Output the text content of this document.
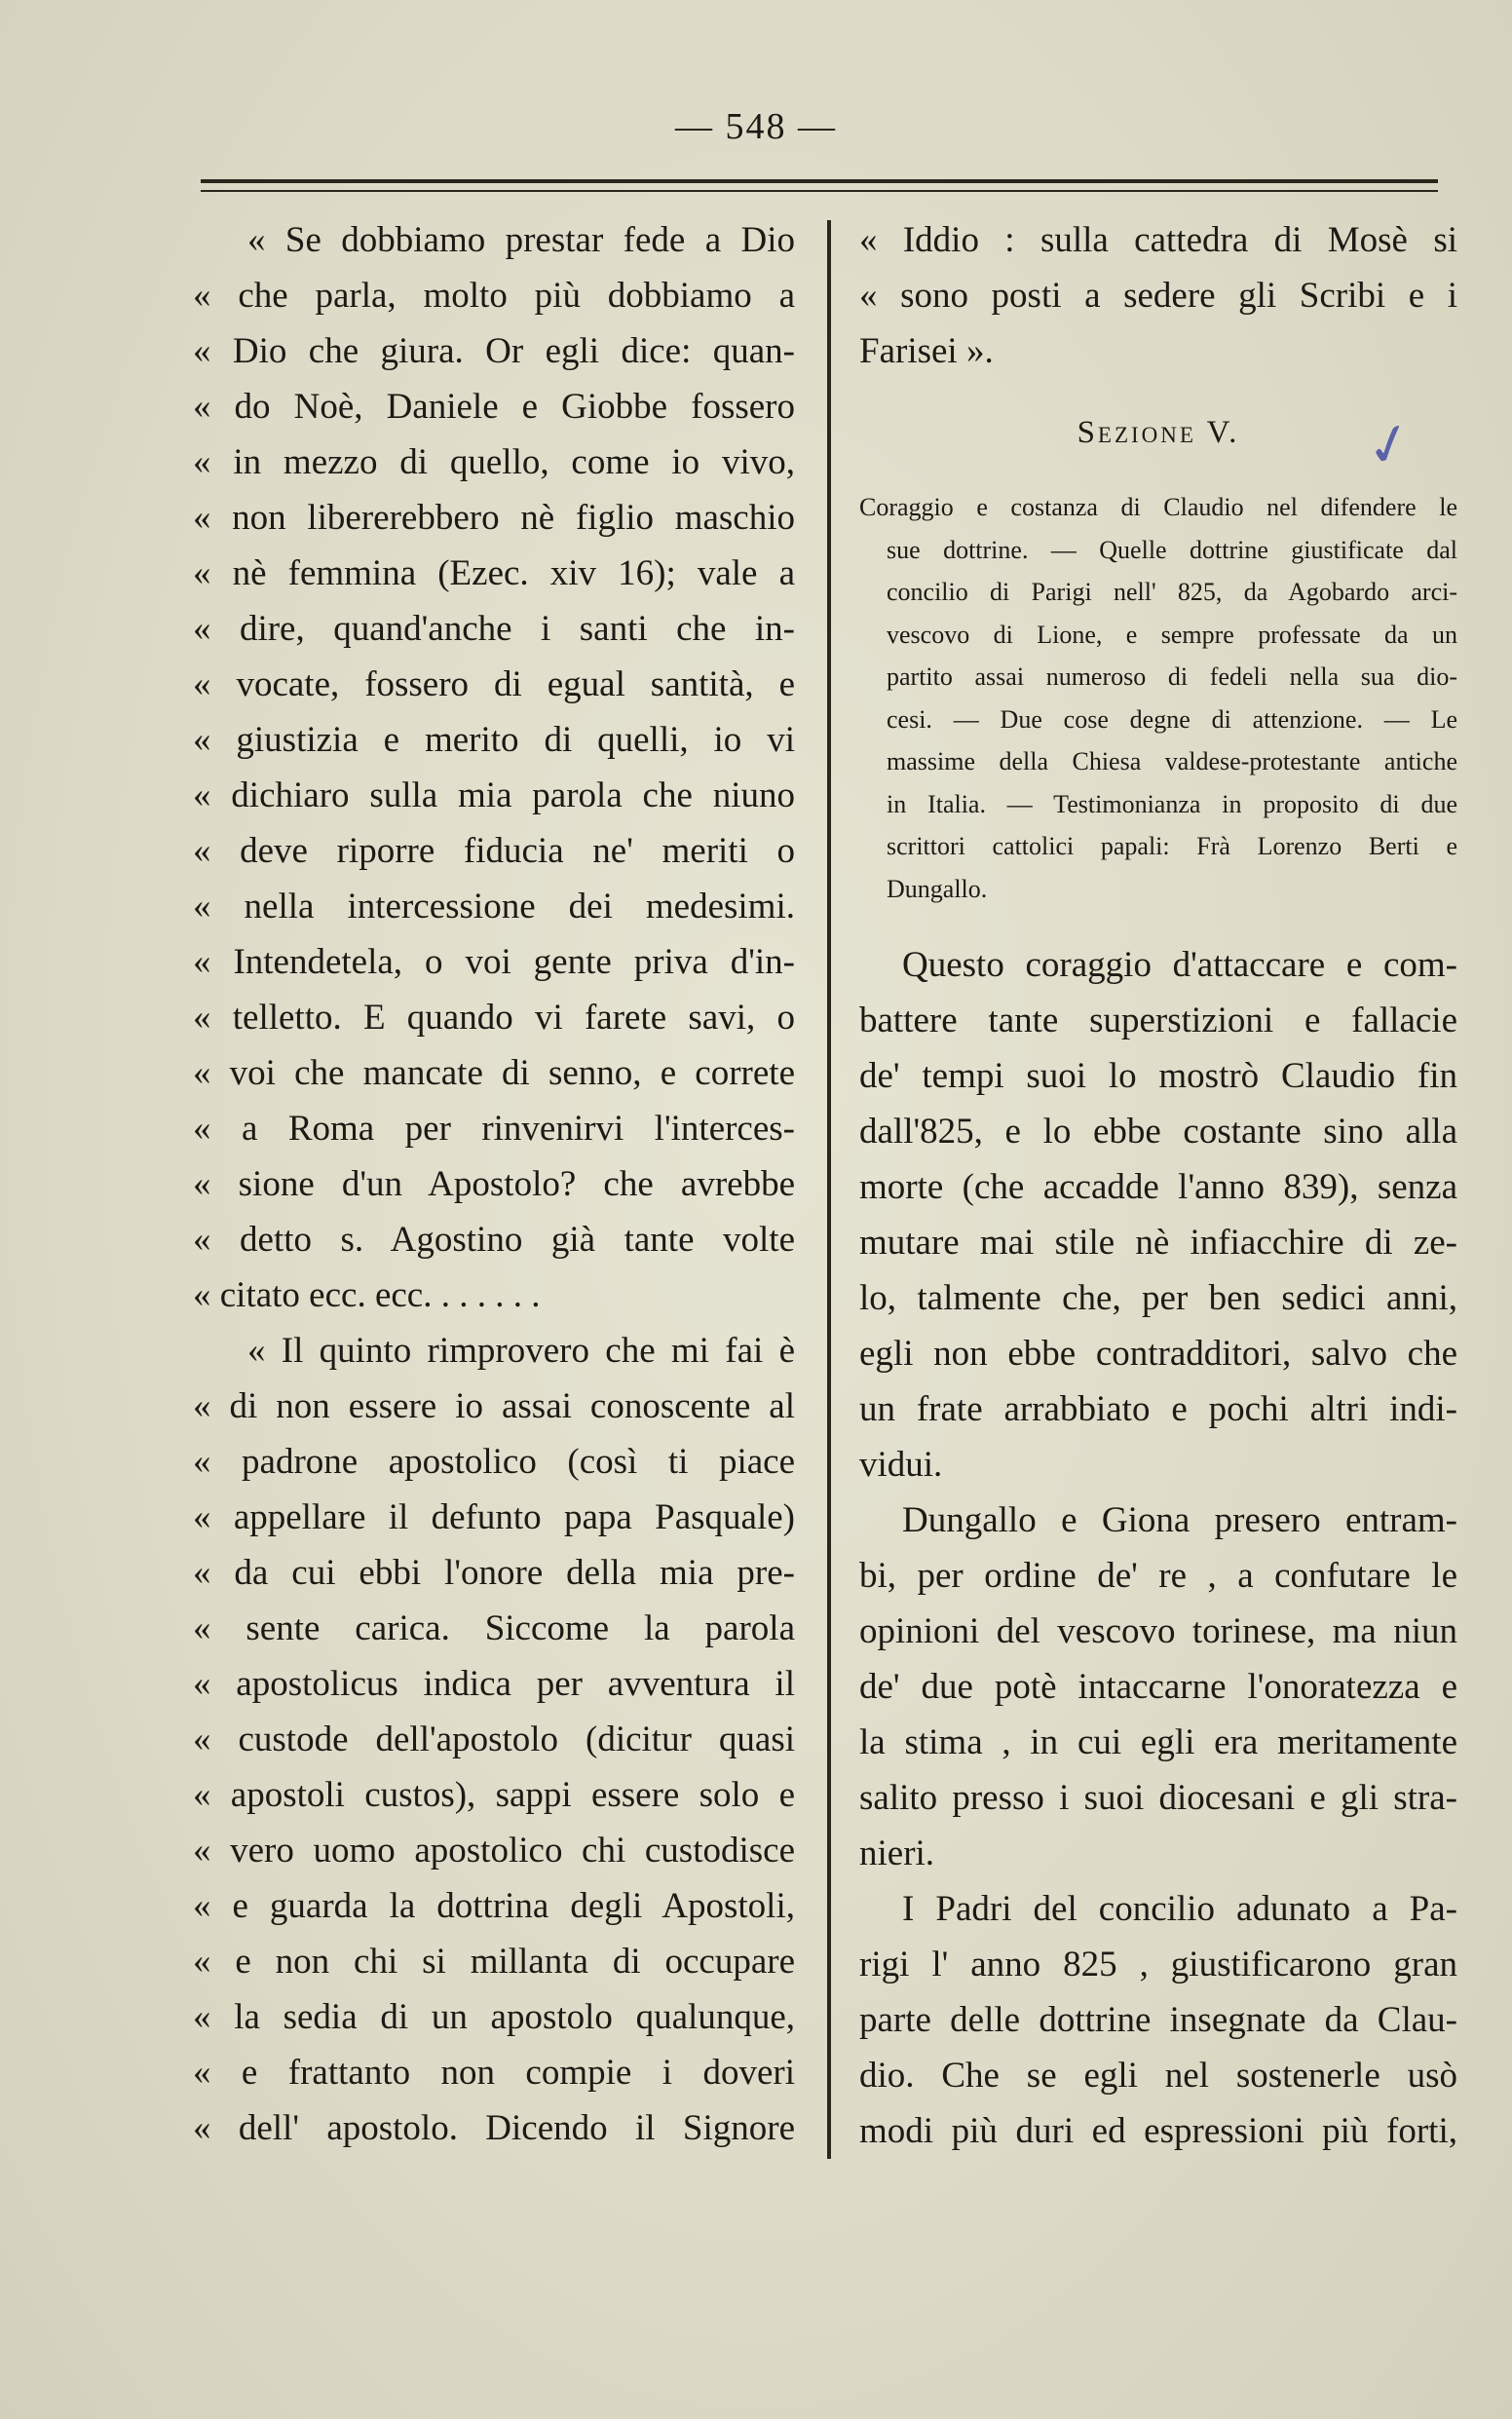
— 548 —
« Se dobbiamo prestar fede a Dio
« che parla, molto più dobbiamo a
« Dio che giura. Or egli dice: quan-
« do Noè, Daniele e Giobbe fossero
« in mezzo di quello, come io vivo,
« non libererebbero nè figlio maschio
« nè femmina (Ezec. xiv 16); vale a
« dire, quand'anche i santi che in-
« vocate, fossero di egual santità, e
« giustizia e merito di quelli, io vi
« dichiaro sulla mia parola che niuno
« deve riporre fiducia ne' meriti o
« nella intercessione dei medesimi.
« Intendetela, o voi gente priva d'in-
« telletto. E quando vi farete savi, o
« voi che mancate di senno, e correte
« a Roma per rinvenirvi l'interces-
« sione d'un Apostolo? che avrebbe
« detto s. Agostino già tante volte
« citato ecc. ecc. . . . . . .
« Il quinto rimprovero che mi fai è
« di non essere io assai conoscente al
« padrone apostolico (così ti piace
« appellare il defunto papa Pasquale)
« da cui ebbi l'onore della mia pre-
« sente carica. Siccome la parola
« apostolicus indica per avventura il
« custode dell'apostolo (dicitur quasi
« apostoli custos), sappi essere solo e
« vero uomo apostolico chi custodisce
« e guarda la dottrina degli Apostoli,
« e non chi si millanta di occupare
« la sedia di un apostolo qualunque,
« e frattanto non compie i doveri
« dell' apostolo. Dicendo il Signore
« Iddio : sulla cattedra di Mosè si
« sono posti a sedere gli Scribi e i
Farisei ».
Sezione V. ✓
Coraggio e costanza di Claudio nel difendere le
sue dottrine. — Quelle dottrine giustificate dal
concilio di Parigi nell' 825, da Agobardo arci-
vescovo di Lione, e sempre professate da un
partito assai numeroso di fedeli nella sua dio-
cesi. — Due cose degne di attenzione. — Le
massime della Chiesa valdese-protestante antiche
in Italia. — Testimonianza in proposito di due
scrittori cattolici papali: Frà Lorenzo Berti e
Dungallo.
Questo coraggio d'attaccare e com-
battere tante superstizioni e fallacie
de' tempi suoi lo mostrò Claudio fin
dall'825, e lo ebbe costante sino alla
morte (che accadde l'anno 839), senza
mutare mai stile nè infiacchire di ze-
lo, talmente che, per ben sedici anni,
egli non ebbe contradditori, salvo che
un frate arrabbiato e pochi altri indi-
vidui.
Dungallo e Giona presero entram-
bi, per ordine de' re , a confutare le
opinioni del vescovo torinese, ma niun
de' due potè intaccarne l'onoratezza e
la stima , in cui egli era meritamente
salito presso i suoi diocesani e gli stra-
nieri.
I Padri del concilio adunato a Pa-
rigi l' anno 825 , giustificarono gran
parte delle dottrine insegnate da Clau-
dio. Che se egli nel sostenerle usò
modi più duri ed espressioni più forti,
